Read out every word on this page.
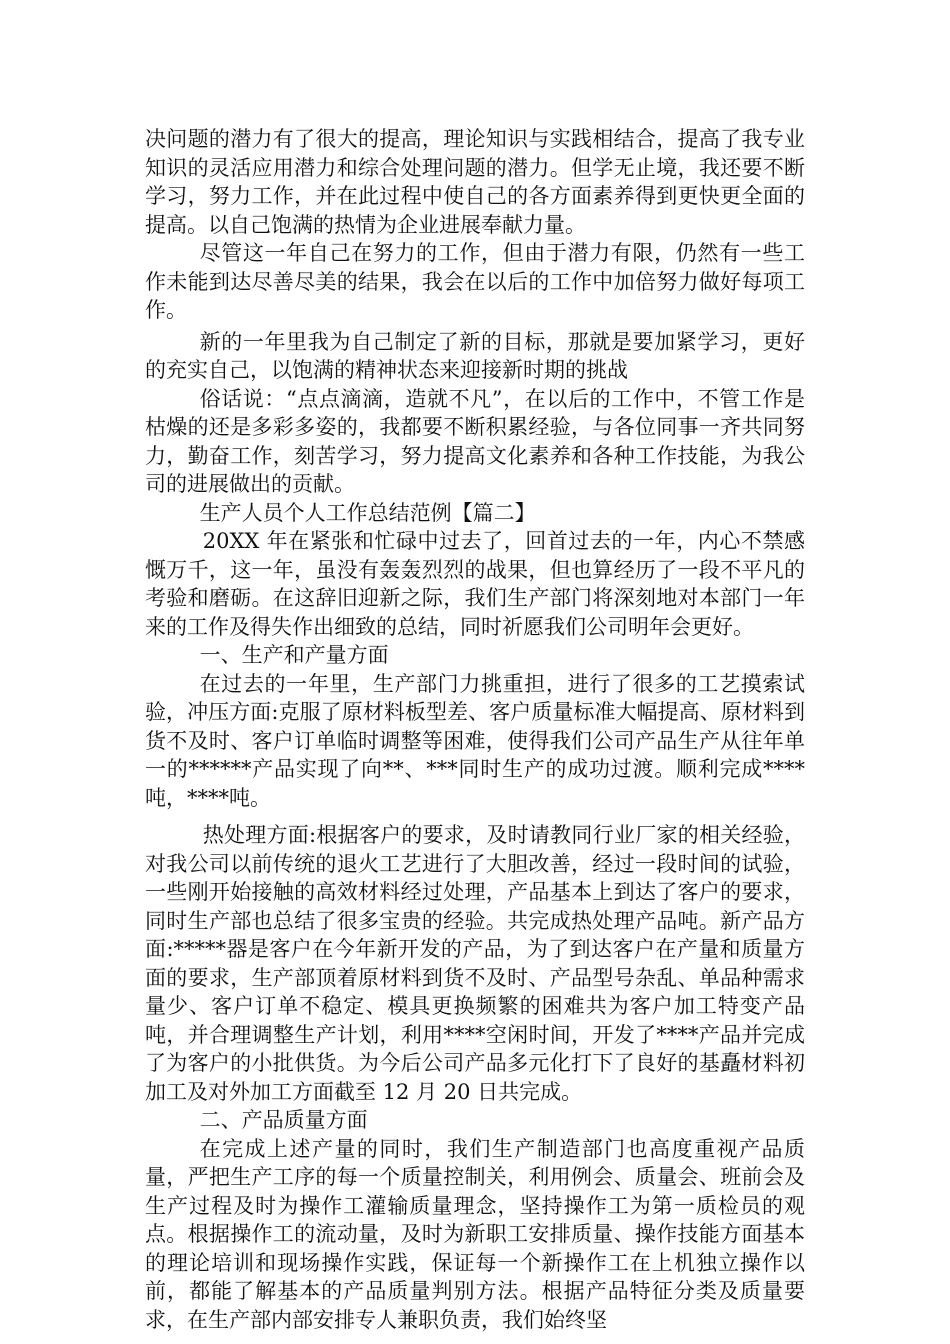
决问题的潜力有了很大的提高，理论知识与实践相结合，提高了我专业知识的灵活应用潜力和综合处理问题的潜力。但学无止境，我还要不断学习，努力工作，并在此过程中使自己的各方面素养得到更快更全面的提高。以自己饱满的热情为企业进展奉献力量。

尽管这一年自己在努力的工作，但由于潜力有限，仍然有一些工作未能到达尽善尽美的结果，我会在以后的工作中加倍努力做好每项工作。

新的一年里我为自己制定了新的目标，那就是要加紧学习，更好的充实自己，以饱满的精神状态来迎接新时期的挑战

俗话说：“点点滴滴，造就不凡”，在以后的工作中，不管工作是枯燥的还是多彩多姿的，我都要不断积累经验，与各位同事一齐共同努力，勤奋工作，刻苦学习，努力提高文化素养和各种工作技能，为我公司的进展做出的贡献。

生产人员个人工作总结范例【篇二】

20XX 年在紧张和忙碌中过去了，回首过去的一年，内心不禁感慨万千，这一年，虽没有轰轰烈烈的战果，但也算经历了一段不平凡的考验和磨砺。在这辞旧迎新之际，我们生产部门将深刻地对本部门一年来的工作及得失作出细致的总结，同时祈愿我们公司明年会更好。

一、生产和产量方面

在过去的一年里，生产部门力挑重担，进行了很多的工艺摸索试验，冲压方面:克服了原材料板型差、客户质量标准大幅提高、原材料到货不及时、客户订单临时调整等困难，使得我们公司产品生产从往年单一的******产品实现了向**、***同时生产的成功过渡。顺利完成****吨，****吨。

热处理方面:根据客户的要求，及时请教同行业厂家的相关经验，对我公司以前传统的退火工艺进行了大胆改善，经过一段时间的试验，一些刚开始接触的高效材料经过处理，产品基本上到达了客户的要求，同时生产部也总结了很多宝贵的经验。共完成热处理产品吨。新产品方面:*****器是客户在今年新开发的产品，为了到达客户在产量和质量方面的要求，生产部顶着原材料到货不及时、产品型号杂乱、单品种需求量少、客户订单不稳定、模具更换频繁的困难共为客户加工特变产品吨，并合理调整生产计划，利用****空闲时间，开发了****产品并完成了为客户的小批供货。为今后公司产品多元化打下了良好的基矗材料初加工及对外加工方面截至 12 月 20 日共完成。

二、产品质量方面

在完成上述产量的同时，我们生产制造部门也高度重视产品质量，严把生产工序的每一个质量控制关，利用例会、质量会、班前会及生产过程及时为操作工灌输质量理念，坚持操作工为第一质检员的观点。根据操作工的流动量，及时为新职工安排质量、操作技能方面基本的理论培训和现场操作实践，保证每一个新操作工在上机独立操作以前，都能了解基本的产品质量判别方法。根据产品特征分类及质量要求，在生产部内部安排专人兼职负责，我们始终坚
